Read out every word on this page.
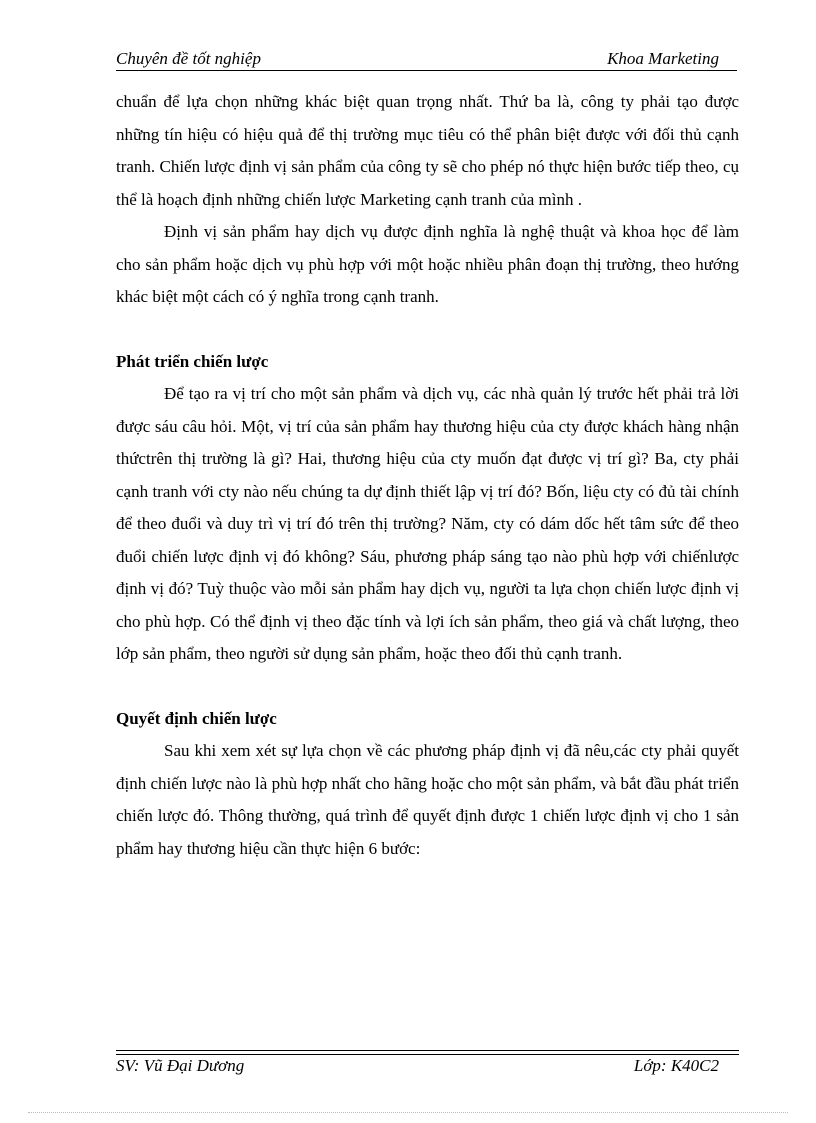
Chuyên đề tốt nghiệp	Khoa Marketing

chuẩn để lựa chọn những khác biệt quan trọng nhất. Thứ ba là, công ty phải tạo được những tín hiệu có hiệu quả để thị trường mục tiêu có thể phân biệt được với đối thủ cạnh tranh. Chiến lược định vị sản phẩm của công ty sẽ cho phép nó thực hiện bước tiếp theo, cụ thể là hoạch định những chiến lược Marketing cạnh tranh của mình .

Định vị sản phẩm hay dịch vụ được định nghĩa là nghệ thuật và khoa học để làm cho sản phẩm hoặc dịch vụ phù hợp với một hoặc nhiều phân đoạn thị trường, theo hướng khác biệt một cách có ý nghĩa trong cạnh tranh.

Phát triển chiến lược

Để tạo ra vị trí cho một sản phẩm và dịch vụ, các nhà quản lý trước hết phải trả lời được sáu câu hỏi. Một, vị trí của sản phẩm hay thương hiệu của cty được khách hàng nhận thứctrên thị trường là gì? Hai, thương hiệu của cty muốn đạt được vị trí gì? Ba, cty phải cạnh tranh với cty nào nếu chúng ta dự định thiết lập vị trí đó? Bốn, liệu cty có đủ tài chính để theo đuổi và duy trì vị trí đó trên thị trường? Năm, cty có dám dốc hết tâm sức để theo đuổi chiến lược định vị đó không? Sáu, phương pháp sáng tạo nào phù hợp với chiếnlược định vị đó? Tuỳ thuộc vào mỗi sản phẩm hay dịch vụ, người ta lựa chọn chiến lược định vị cho phù hợp. Có thể định vị theo đặc tính và lợi ích sản phẩm, theo giá và chất lượng, theo lớp sản phẩm, theo người sử dụng sản phẩm, hoặc theo đối thủ cạnh tranh.

Quyết định chiến lược

Sau khi xem xét sự lựa chọn về các phương pháp định vị đã nêu,các cty phải quyết định chiến lược nào là phù hợp nhất cho hãng hoặc cho một sản phẩm, và bắt đầu phát triển chiến lược đó. Thông thường, quá trình để quyết định được 1 chiến lược định vị cho 1 sản phẩm hay thương hiệu cần thực hiện 6 bước:

SV: Vũ Đại Dương	Lớp: K40C2
